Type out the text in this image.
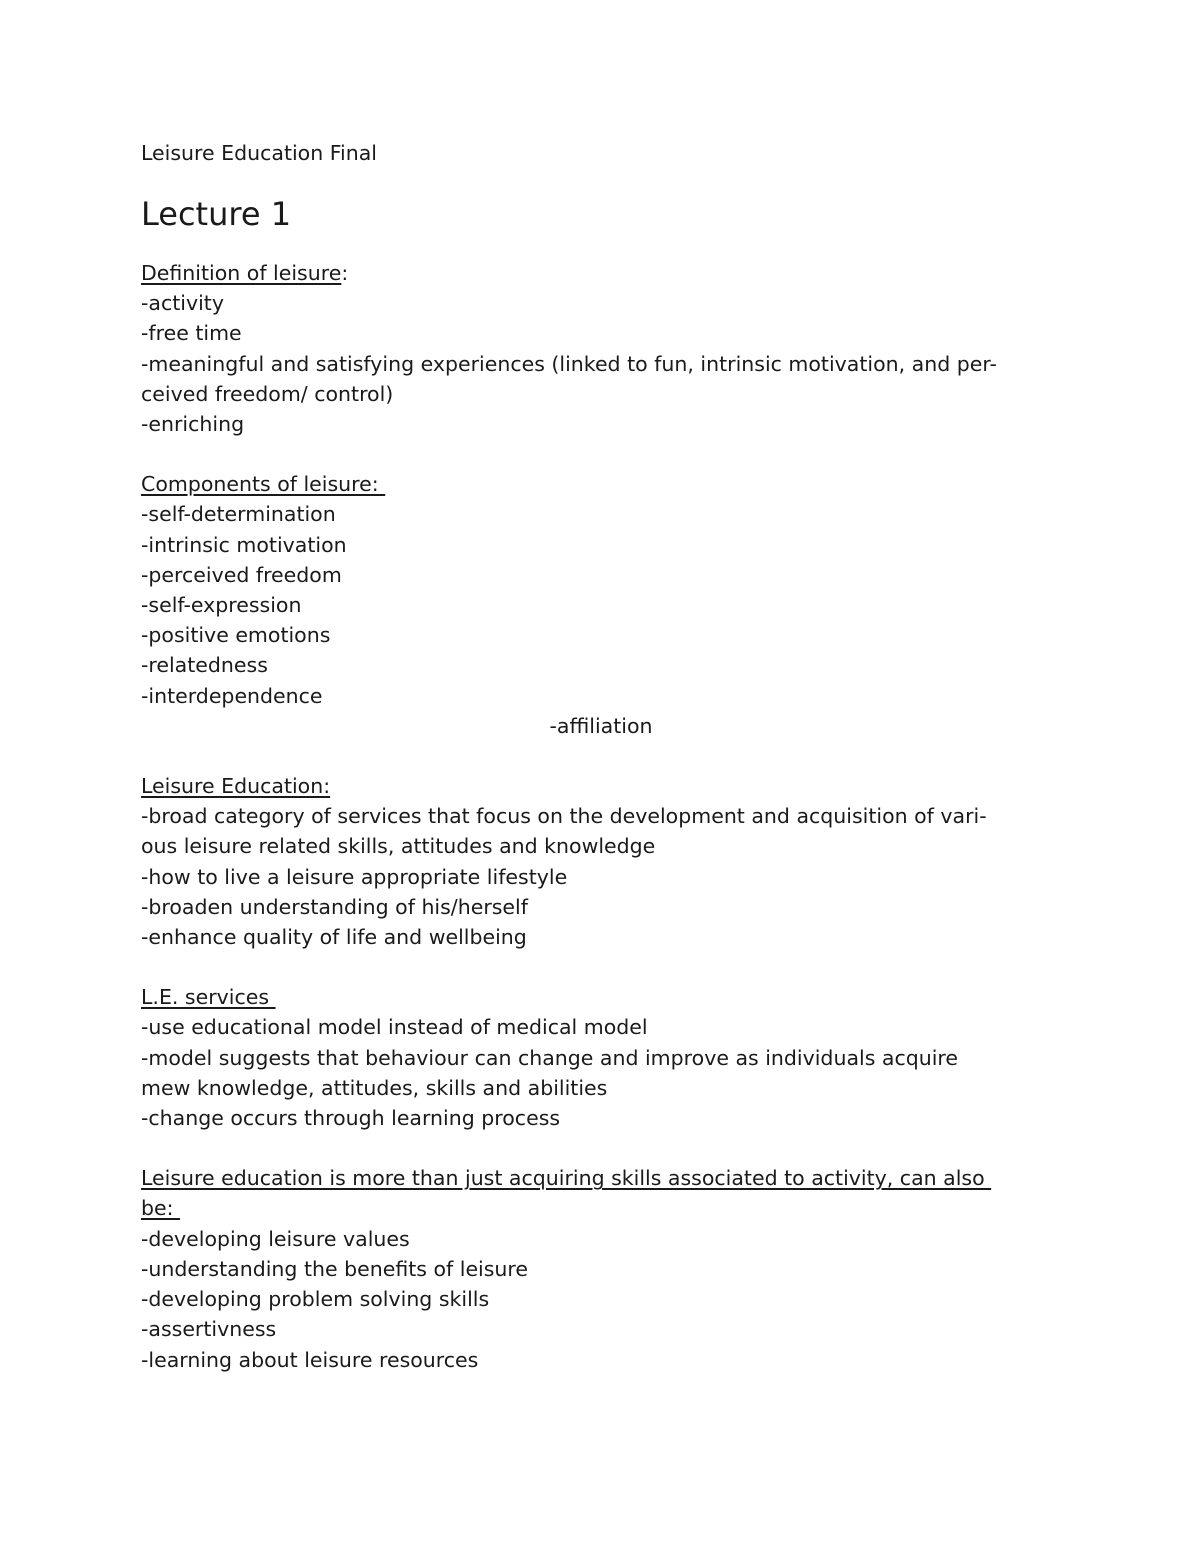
Leisure Education Final

Lecture 1

Definition of leisure:

-activity

-free time

-meaningful and satisfying experiences (linked to fun, intrinsic motivation, and per-

ceived freedom/ control)

-enriching

Components of leisure:

-self-determination

-intrinsic motivation

-perceived freedom

-self-expression

-positive emotions

-relatedness

-interdependence

-affiliation

Leisure Education:

-broad category of services that focus on the development and acquisition of vari-

ous leisure related skills, attitudes and knowledge

-how to live a leisure appropriate lifestyle

-broaden understanding of his/herself

-enhance quality of life and wellbeing

L.E. services

-use educational model instead of medical model

-model suggests that behaviour can change and improve as individuals acquire

mew knowledge, attitudes, skills and abilities

-change occurs through learning process

Leisure education is more than just acquiring skills associated to activity, can also

be:

-developing leisure values

-understanding the benefits of leisure

-developing problem solving skills

-assertivness

-learning about leisure resources
